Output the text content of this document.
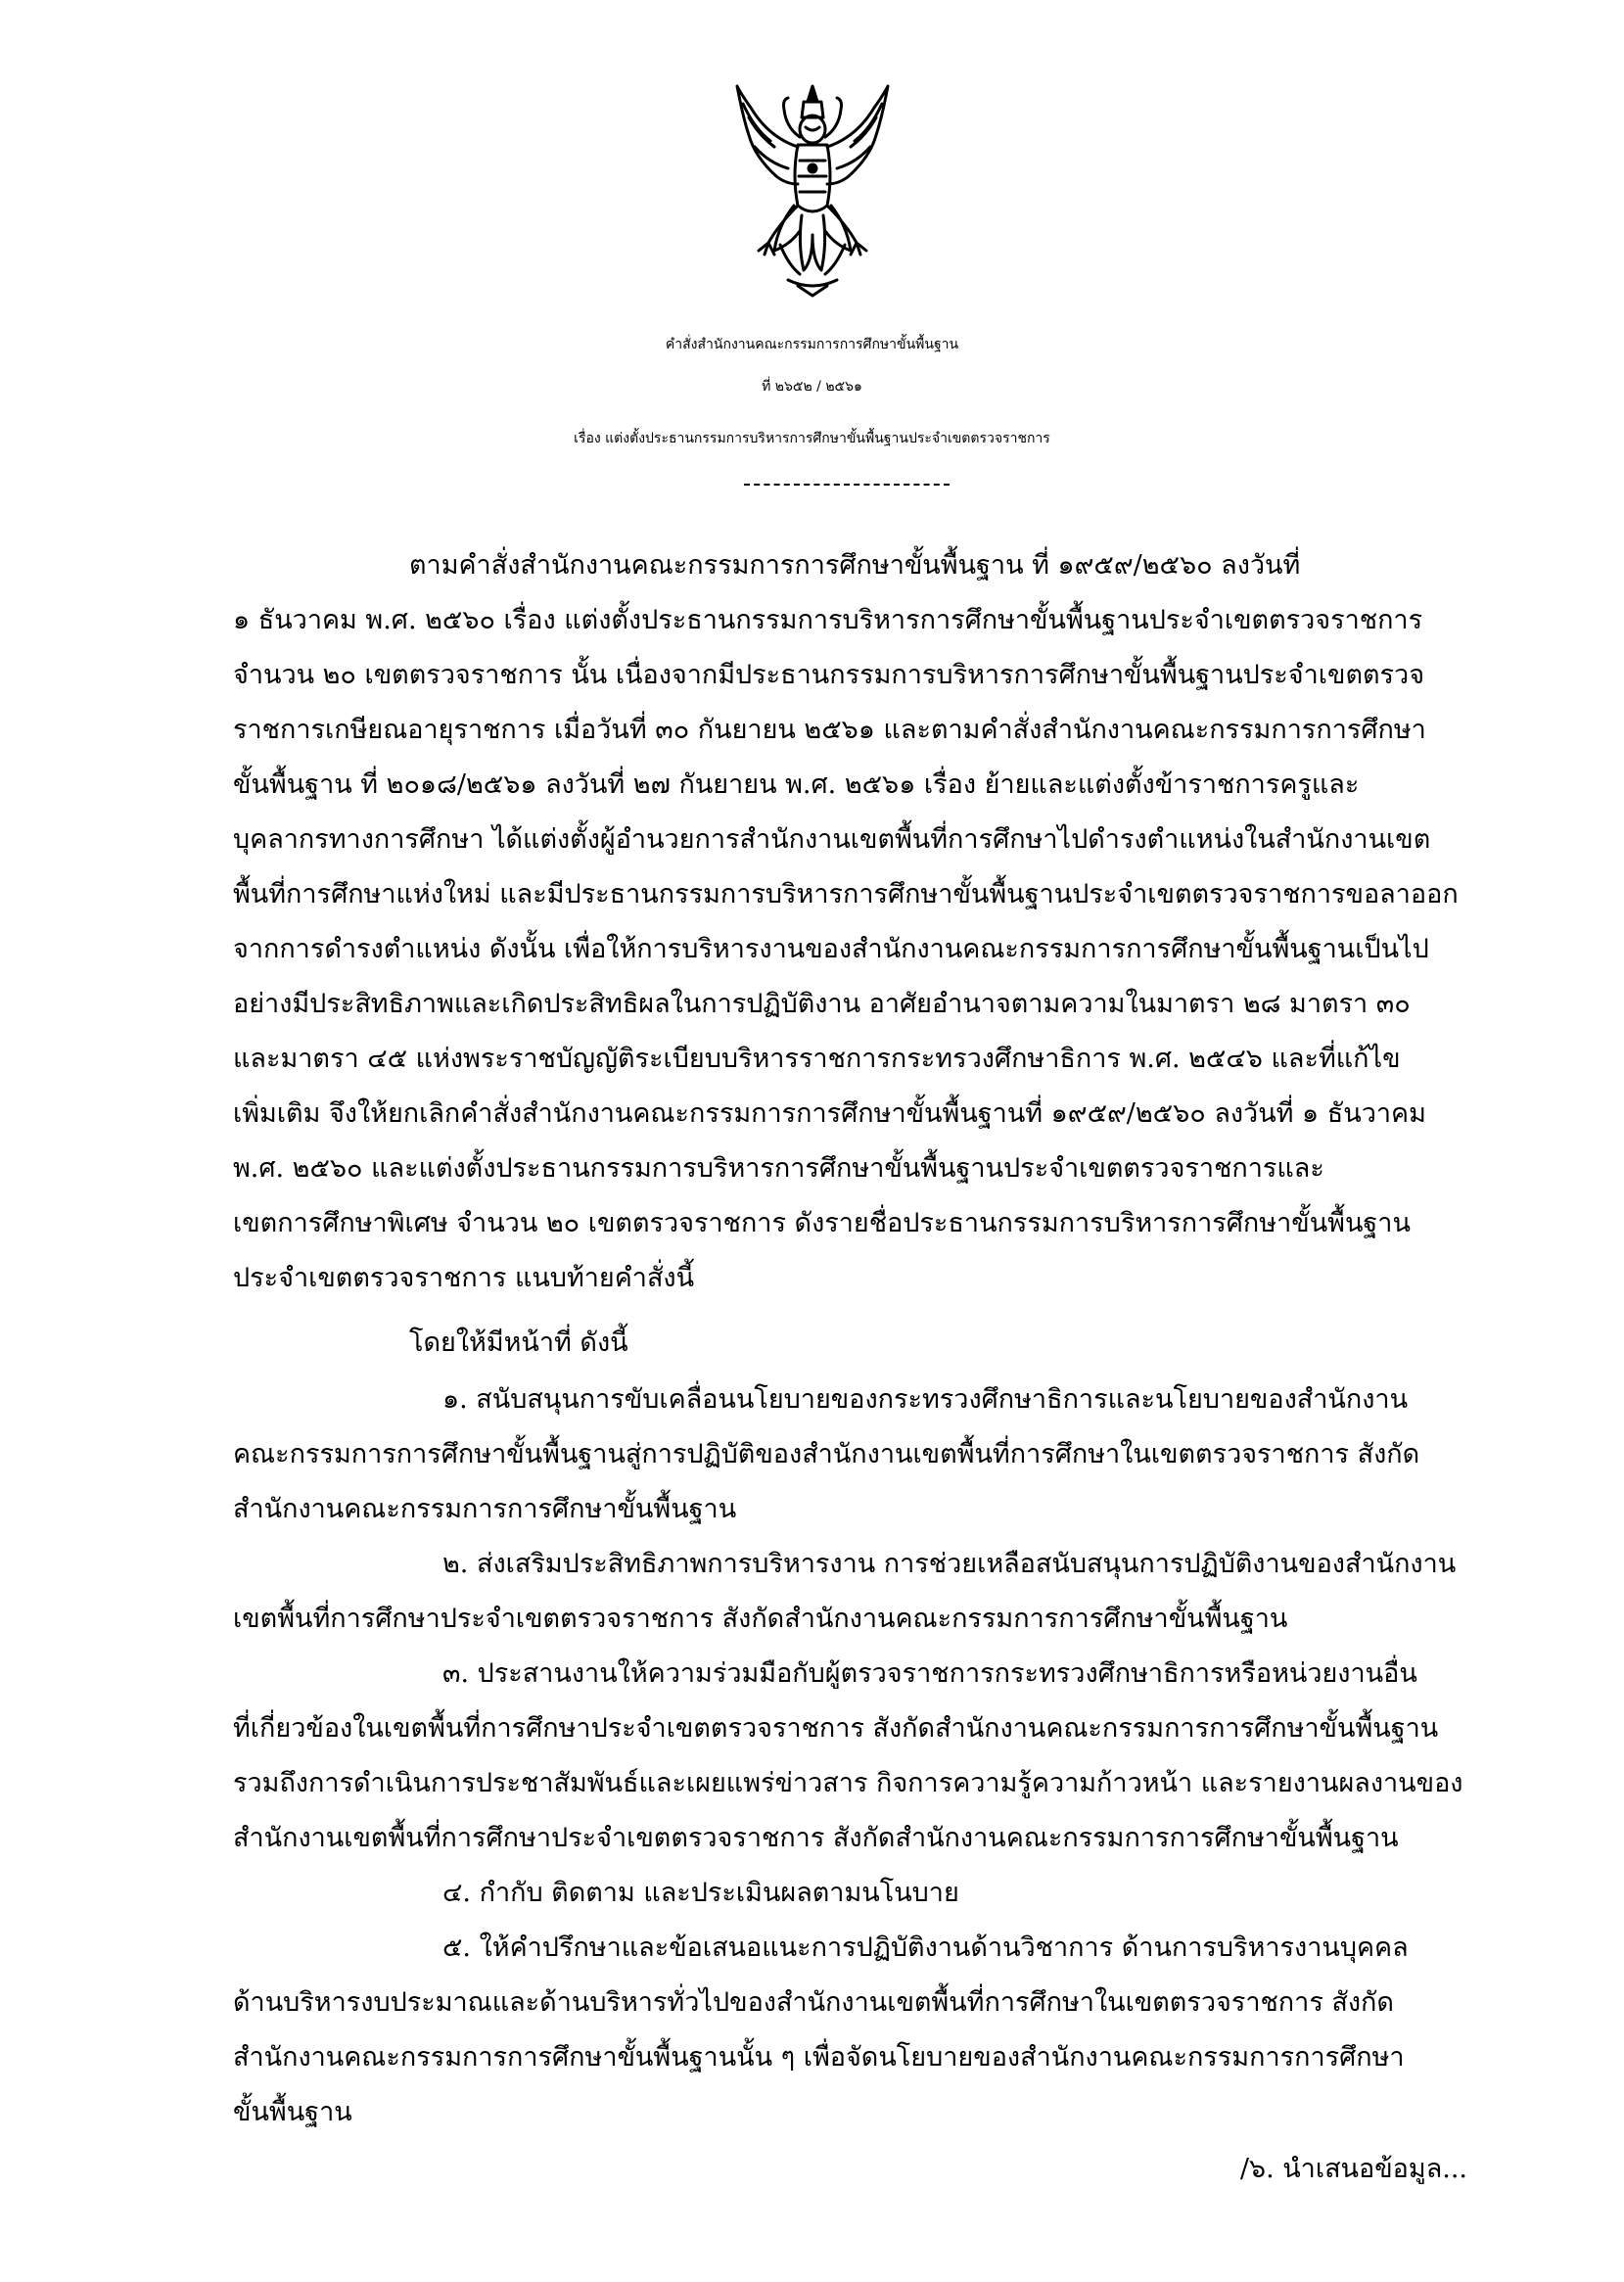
คำสั่งสำนักงานคณะกรรมการการศึกษาขั้นพื้นฐาน
ที่ ๒๖๕๒ / ๒๕๖๑
เรื่อง แต่งตั้งประธานกรรมการบริหารการศึกษาขั้นพื้นฐานประจำเขตตรวจราชการ
ตามคำสั่งสำนักงานคณะกรรมการการศึกษาขั้นพื้นฐาน ที่ ๑๙๕๙/๒๕๖๐ ลงวันที่
๑ ธันวาคม พ.ศ. ๒๕๖๐ เรื่อง แต่งตั้งประธานกรรมการบริหารการศึกษาขั้นพื้นฐานประจำเขตตรวจราชการ
จำนวน ๒๐ เขตตรวจราชการ นั้น เนื่องจากมีประธานกรรมการบริหารการศึกษาขั้นพื้นฐานประจำเขตตรวจ
ราชการเกษียณอายุราชการ เมื่อวันที่ ๓๐ กันยายน ๒๕๖๑ และตามคำสั่งสำนักงานคณะกรรมการการศึกษา
ขั้นพื้นฐาน ที่ ๒๐๑๘/๒๕๖๑ ลงวันที่ ๒๗ กันยายน พ.ศ. ๒๕๖๑ เรื่อง ย้ายและแต่งตั้งข้าราชการครูและ
บุคลากรทางการศึกษา ได้แต่งตั้งผู้อำนวยการสำนักงานเขตพื้นที่การศึกษาไปดำรงตำแหน่งในสำนักงานเขต
พื้นที่การศึกษาแห่งใหม่ และมีประธานกรรมการบริหารการศึกษาขั้นพื้นฐานประจำเขตตรวจราชการขอลาออก
จากการดำรงตำแหน่ง ดังนั้น เพื่อให้การบริหารงานของสำนักงานคณะกรรมการการศึกษาขั้นพื้นฐานเป็นไป
อย่างมีประสิทธิภาพและเกิดประสิทธิผลในการปฏิบัติงาน อาศัยอำนาจตามความในมาตรา ๒๘ มาตรา ๓๐
และมาตรา ๔๕ แห่งพระราชบัญญัติระเบียบบริหารราชการกระทรวงศึกษาธิการ พ.ศ. ๒๕๔๖ และที่แก้ไข
เพิ่มเติม จึงให้ยกเลิกคำสั่งสำนักงานคณะกรรมการการศึกษาขั้นพื้นฐานที่ ๑๙๕๙/๒๕๖๐ ลงวันที่ ๑ ธันวาคม
พ.ศ. ๒๕๖๐ และแต่งตั้งประธานกรรมการบริหารการศึกษาขั้นพื้นฐานประจำเขตตรวจราชการและ
เขตการศึกษาพิเศษ จำนวน ๒๐ เขตตรวจราชการ ดังรายชื่อประธานกรรมการบริหารการศึกษาขั้นพื้นฐาน
ประจำเขตตรวจราชการ แนบท้ายคำสั่งนี้
โดยให้มีหน้าที่ ดังนี้
๑. สนับสนุนการขับเคลื่อนนโยบายของกระทรวงศึกษาธิการและนโยบายของสำนักงาน
คณะกรรมการการศึกษาขั้นพื้นฐานสู่การปฏิบัติของสำนักงานเขตพื้นที่การศึกษาในเขตตรวจราชการ สังกัด
สำนักงานคณะกรรมการการศึกษาขั้นพื้นฐาน
๒. ส่งเสริมประสิทธิภาพการบริหารงาน การช่วยเหลือสนับสนุนการปฏิบัติงานของสำนักงาน
เขตพื้นที่การศึกษาประจำเขตตรวจราชการ สังกัดสำนักงานคณะกรรมการการศึกษาขั้นพื้นฐาน
๓. ประสานงานให้ความร่วมมือกับผู้ตรวจราชการกระทรวงศึกษาธิการหรือหน่วยงานอื่น
ที่เกี่ยวข้องในเขตพื้นที่การศึกษาประจำเขตตรวจราชการ สังกัดสำนักงานคณะกรรมการการศึกษาขั้นพื้นฐาน
รวมถึงการดำเนินการประชาสัมพันธ์และเผยแพร่ข่าวสาร กิจการความรู้ความก้าวหน้า และรายงานผลงานของ
สำนักงานเขตพื้นที่การศึกษาประจำเขตตรวจราชการ สังกัดสำนักงานคณะกรรมการการศึกษาขั้นพื้นฐาน
๔. กำกับ ติดตาม และประเมินผลตามนโนบาย
๕. ให้คำปรึกษาและข้อเสนอแนะการปฏิบัติงานด้านวิชาการ ด้านการบริหารงานบุคคล
ด้านบริหารงบประมาณและด้านบริหารทั่วไปของสำนักงานเขตพื้นที่การศึกษาในเขตตรวจราชการ สังกัด
สำนักงานคณะกรรมการการศึกษาขั้นพื้นฐานนั้น ๆ เพื่อจัดนโยบายของสำนักงานคณะกรรมการการศึกษา
ขั้นพื้นฐาน
/๖. นำเสนอข้อมูล...
